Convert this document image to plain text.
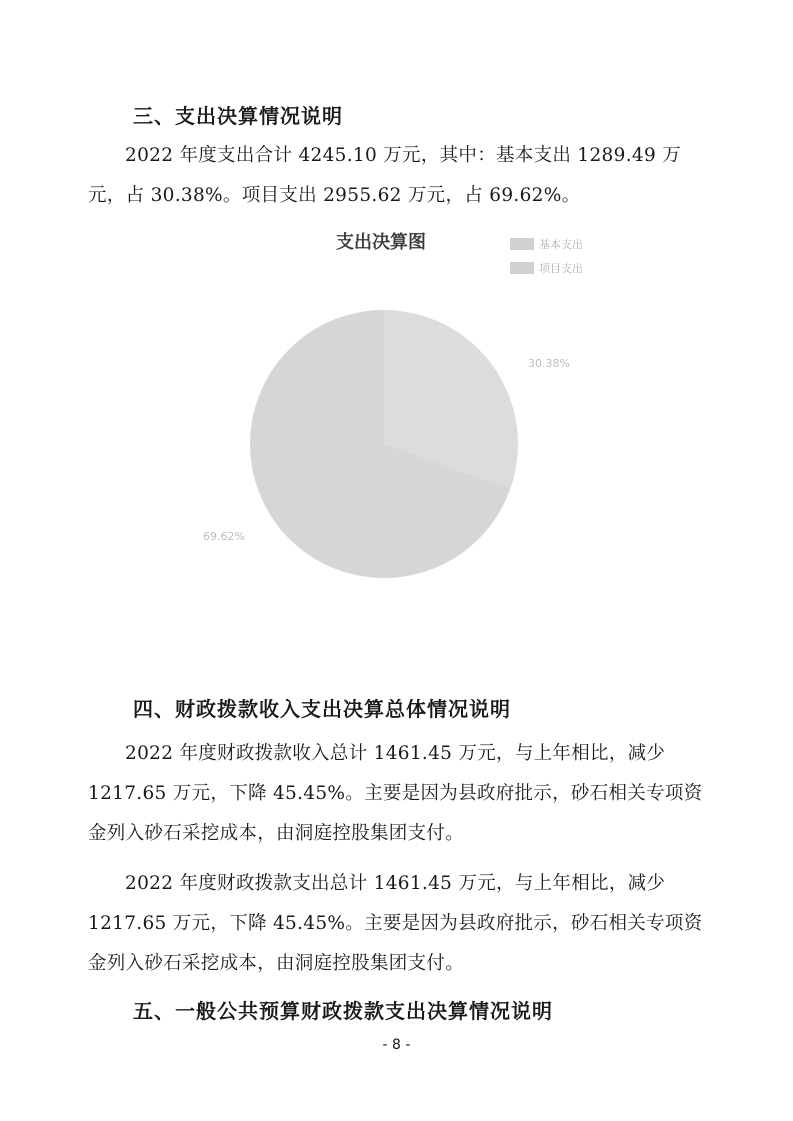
三、支出决算情况说明
2022 年度支出合计 4245.10 万元，其中：基本支出 1289.49 万元，占 30.38%。项目支出 2955.62 万元，占 69.62%。
支出决算图	基本支出
项目支出
30.38%
69.62%
四、财政拨款收入支出决算总体情况说明
2022 年度财政拨款收入总计 1461.45 万元，与上年相比，减少 1217.65 万元，下降 45.45%。主要是因为县政府批示，砂石相关专项资金列入砂石采挖成本，由洞庭控股集团支付。
2022 年度财政拨款支出总计 1461.45 万元，与上年相比，减少 1217.65 万元，下降 45.45%。主要是因为县政府批示，砂石相关专项资金列入砂石采挖成本，由洞庭控股集团支付。
五、一般公共预算财政拨款支出决算情况说明
- 8 -
